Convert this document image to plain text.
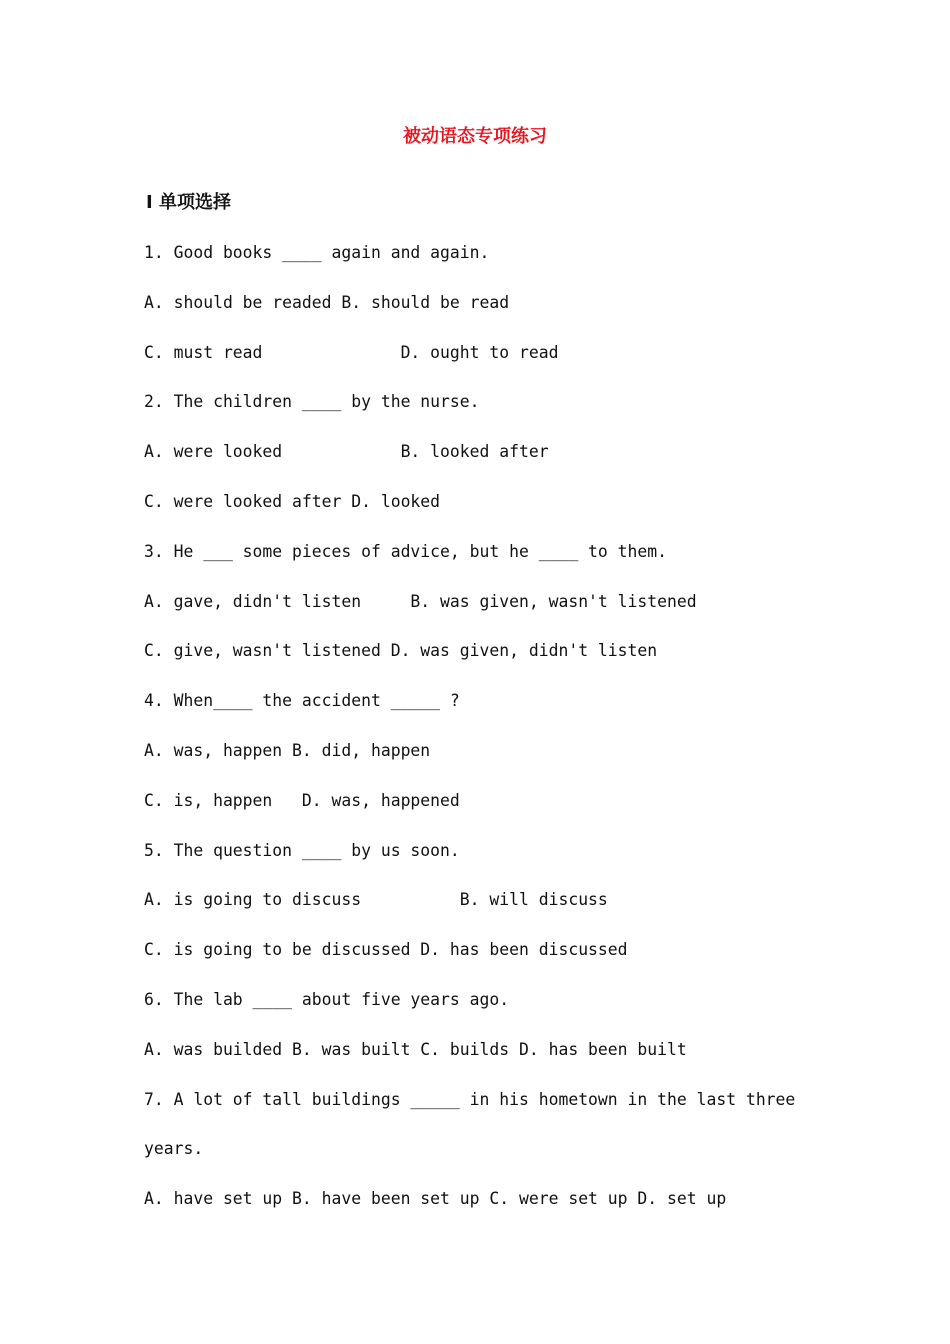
被动语态专项练习
Ⅰ 单项选择
1. Good books ____ again and again.
A. should be readed B. should be read
C. must read              D. ought to read
2. The children ____ by the nurse.
A. were looked            B. looked after
C. were looked after D. looked
3. He ___ some pieces of advice, but he ____ to them.
A. gave, didn't listen     B. was given, wasn't listened
C. give, wasn't listened D. was given, didn't listen
4. When____ the accident _____ ?
A. was, happen B. did, happen
C. is, happen   D. was, happened
5. The question ____ by us soon.
A. is going to discuss          B. will discuss
C. is going to be discussed D. has been discussed
6. The lab ____ about five years ago.
A. was builded B. was built C. builds D. has been built
7. A lot of tall buildings _____ in his hometown in the last three
years.
A. have set up B. have been set up C. were set up D. set up
